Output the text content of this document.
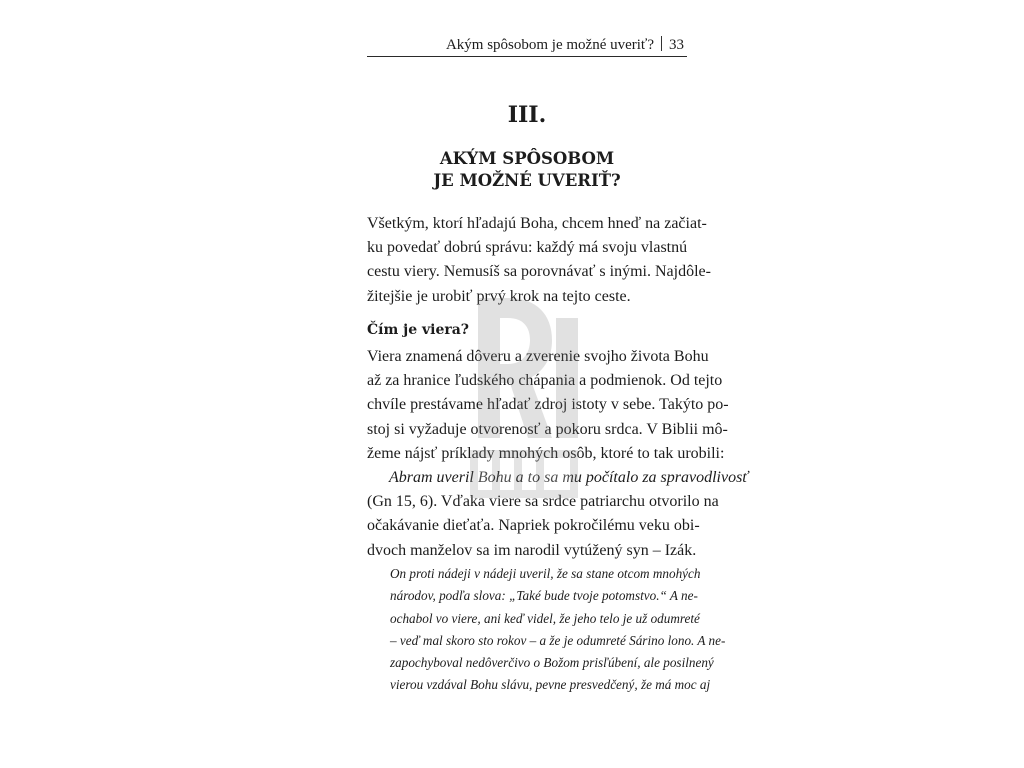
Akým spôsobom je možné uveriť? 33
III.
AKÝM SPÔSOBOM
JE MOŽNÉ UVERIŤ?
Všetkým, ktorí hľadajú Boha, chcem hneď na začiat-
ku povedať dobrú správu: každý má svoju vlastnú
cestu viery. Nemusíš sa porovnávať s inými. Najdôle-
žitejšie je urobiť prvý krok na tejto ceste.
Čím je viera?
Viera znamená dôveru a zverenie svojho života Bohu
až za hranice ľudského chápania a podmienok. Od tejto
chvíle prestávame hľadať zdroj istoty v sebe. Takýto po-
stoj si vyžaduje otvorenosť a pokoru srdca. V Biblii mô-
žeme nájsť príklady mnohých osôb, ktoré to tak urobili:
Abram uveril Bohu a to sa mu počítalo za spravodlivosť
(Gn 15, 6). Vďaka viere sa srdce patriarchu otvorilo na
očakávanie dieťaťa. Napriek pokročilému veku obi-
dvoch manželov sa im narodil vytúžený syn – Izák.
On proti nádeji v nádeji uveril, že sa stane otcom mnohých
národov, podľa slova: „Také bude tvoje potomstvo.“ A ne-
ochabol vo viere, ani keď videl, že jeho telo je už odumreté
– veď mal skoro sto rokov – a že je odumreté Sárino lono. A ne-
zapochyboval nedôverčivo o Božom prisľúbení, ale posilnený
vierou vzdával Bohu slávu, pevne presvedčený, že má moc aj
